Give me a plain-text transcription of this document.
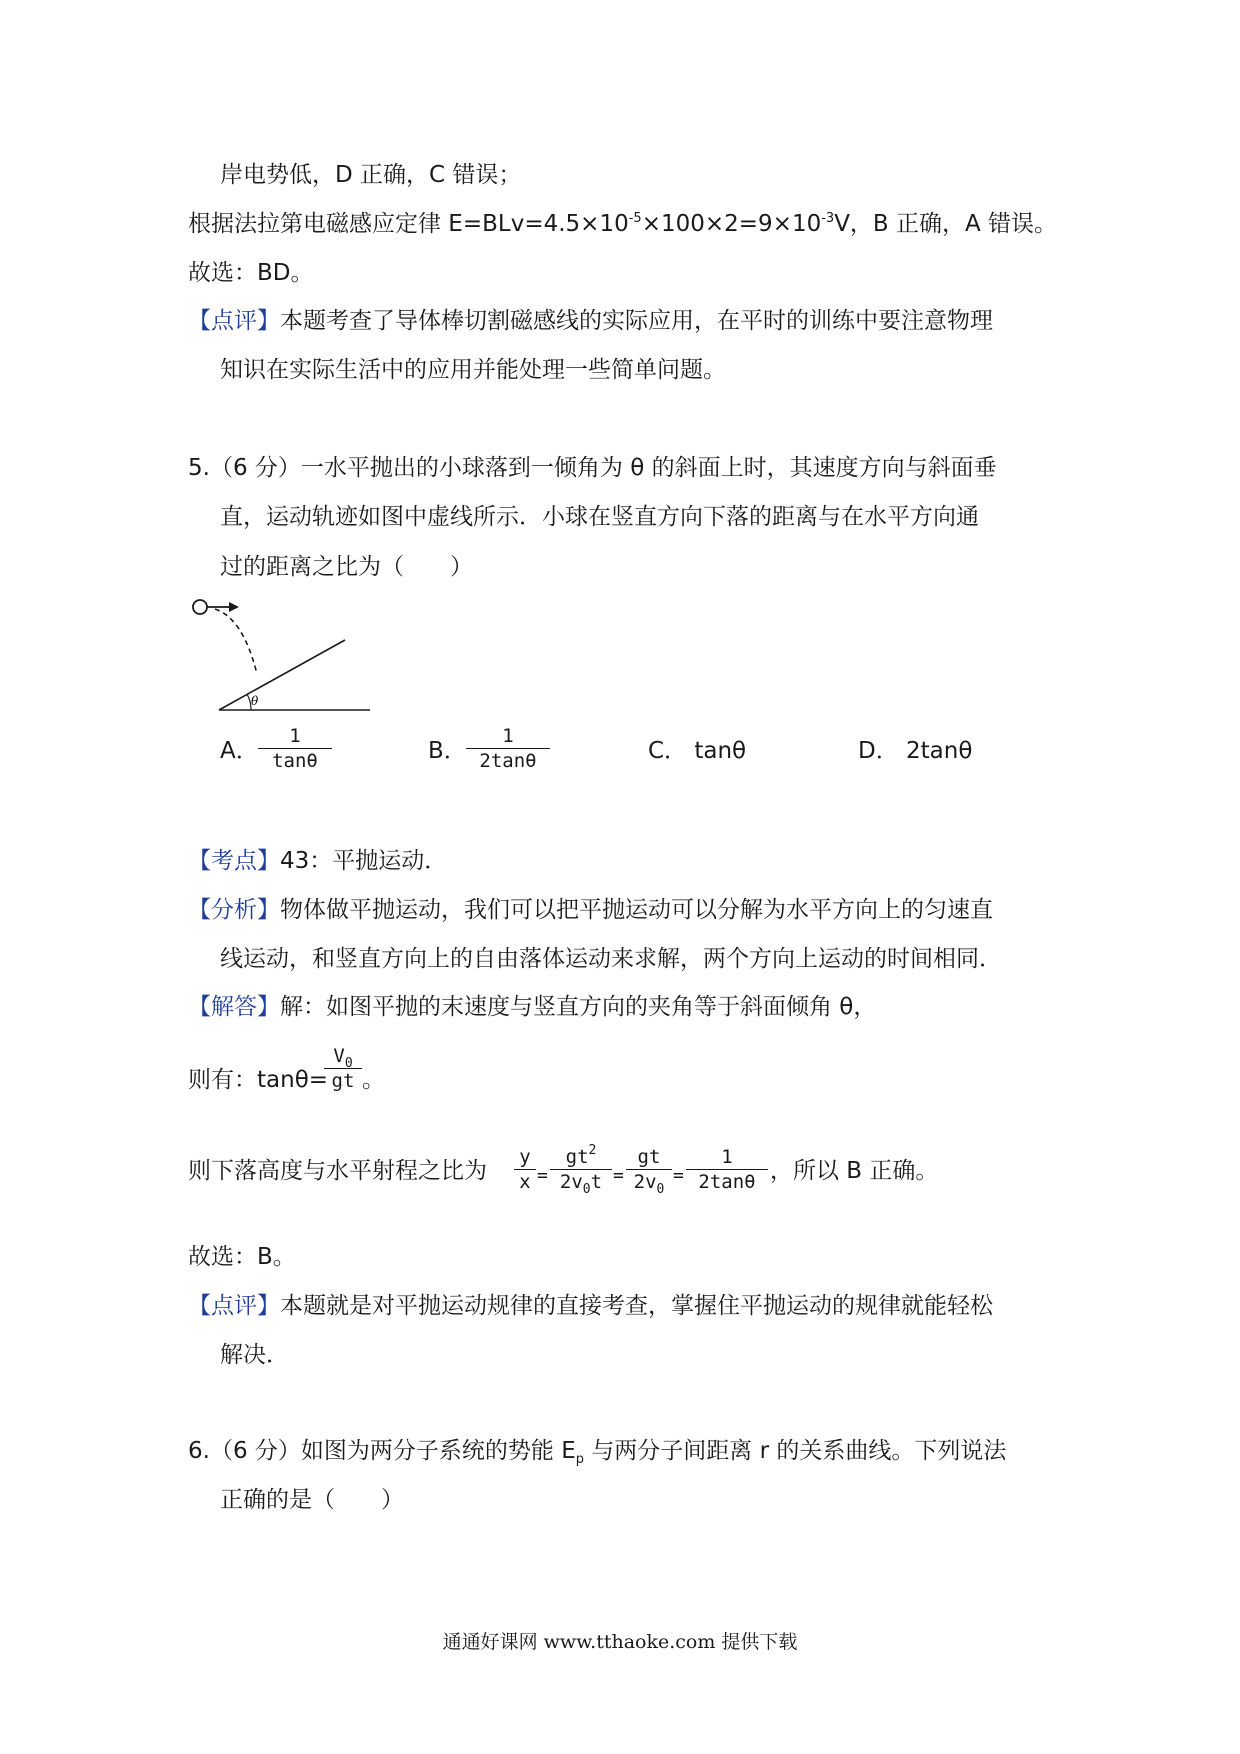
岸电势低，D 正确，C 错误；
根据法拉第电磁感应定律 $E=BLv=4.5\times 10^{-5}\times 100\times 2=9\times 10^{-3}V$，B 正确，A 错误。
故选：BD。
【点评】本题考查了导体棒切割磁感线的实际应用，在平时的训练中要注意物理
知识在实际生活中的应用并能处理一些简单问题。
5.（6 分）一水平抛出的小球落到一倾角为 θ 的斜面上时，其速度方向与斜面垂
直，运动轨迹如图中虚线所示．小球在竖直方向下落的距离与在水平方向通
过的距离之比为（　　）
θ
A．
1
tanθ	B．
1
2tanθ	C． tanθ	D． 2tanθ
【考点】43：平抛运动．
【分析】物体做平抛运动，我们可以把平抛运动可以分解为水平方向上的匀速直
线运动，和竖直方向上的自由落体运动来求解，两个方向上运动的时间相同．
【解答】解：如图平抛的末速度与竖直方向的夹角等于斜面倾角 θ，
则有：tanθ=
$V_0$
gt 。
则下落高度与水平射程之比为
y
x =
$gt^2$
$2v_0t$ =
gt
$2v_0$
=
1
2tanθ ，所以 B 正确。
故选：B。
【点评】本题就是对平抛运动规律的直接考查，掌握住平抛运动的规律就能轻松
解决．
6.（6 分）如图为两分子系统的势能 $E_p$ 与两分子间距离 r 的关系曲线。下列说法
正确的是（　　）
通通好课网 www.tthaoke.com 提供下载
